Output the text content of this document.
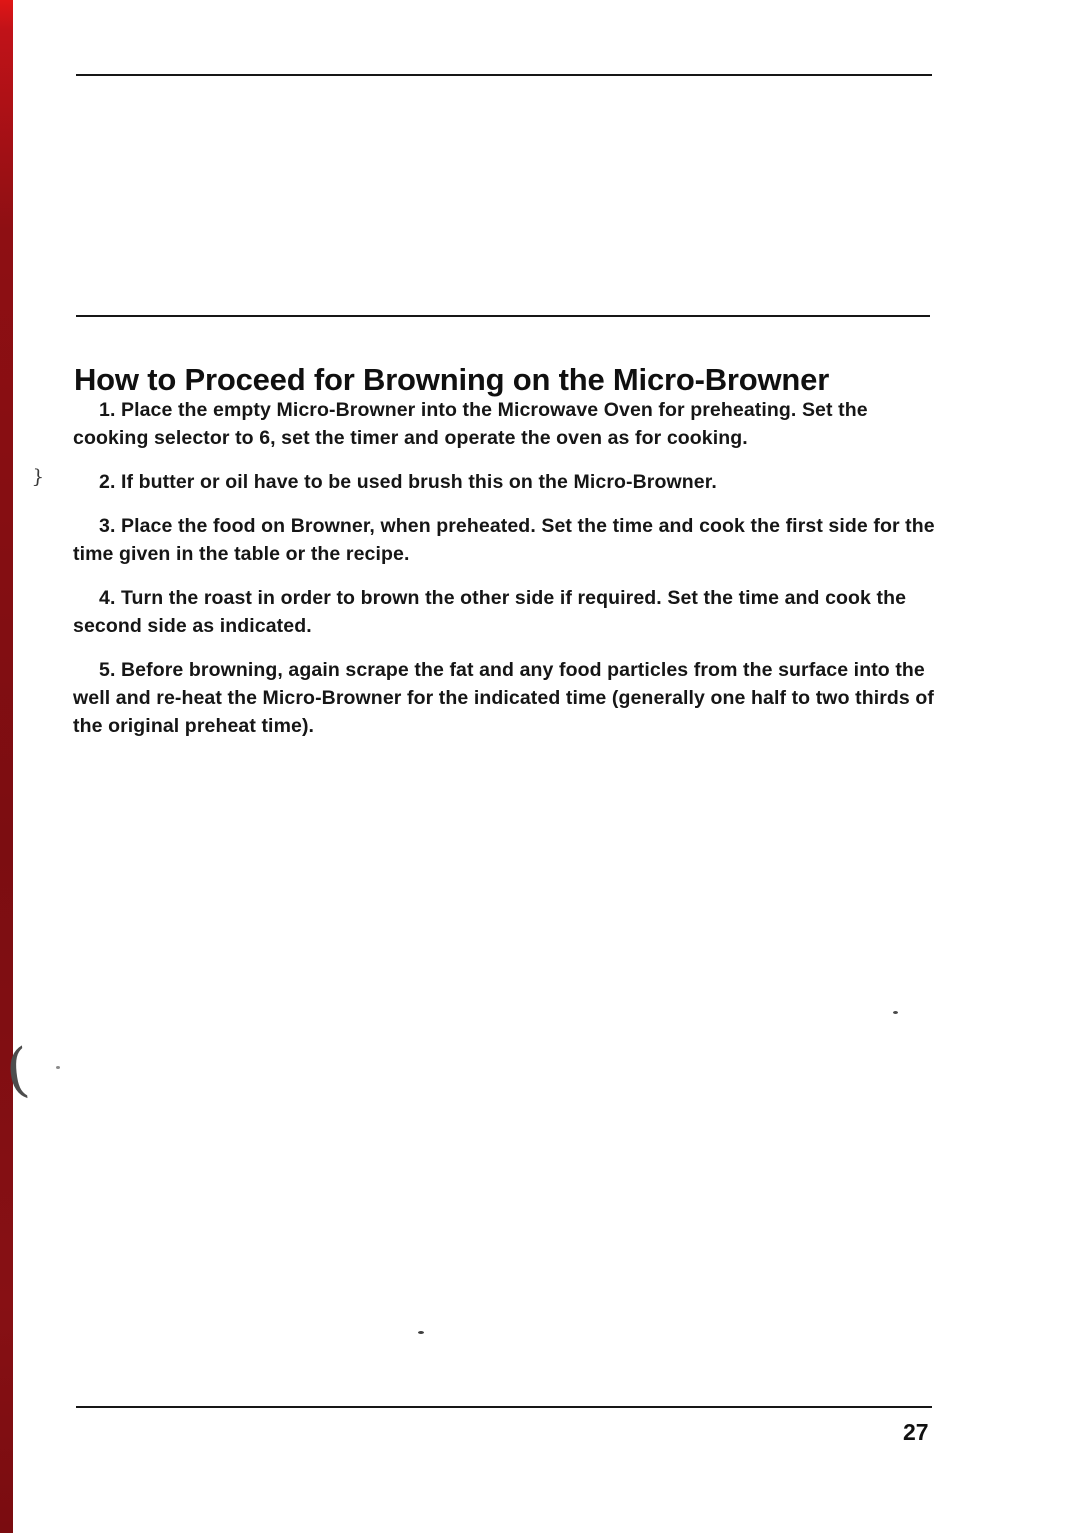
How to Proceed for Browning on the Micro-Browner

1. Place the empty Micro-Browner into the Microwave Oven for preheating. Set the cooking selector to 6, set the timer and operate the oven as for cooking.

2. If butter or oil have to be used brush this on the Micro-Browner.

3. Place the food on Browner, when preheated. Set the time and cook the first side for the time given in the table or the recipe.

4. Turn the roast in order to brown the other side if required. Set the time and cook the second side as indicated.

5. Before browning, again scrape the fat and any food particles from the surface into the well and re-heat the Micro-Browner for the indicated time (generally one half to two thirds of the original preheat time).

}
(
27
